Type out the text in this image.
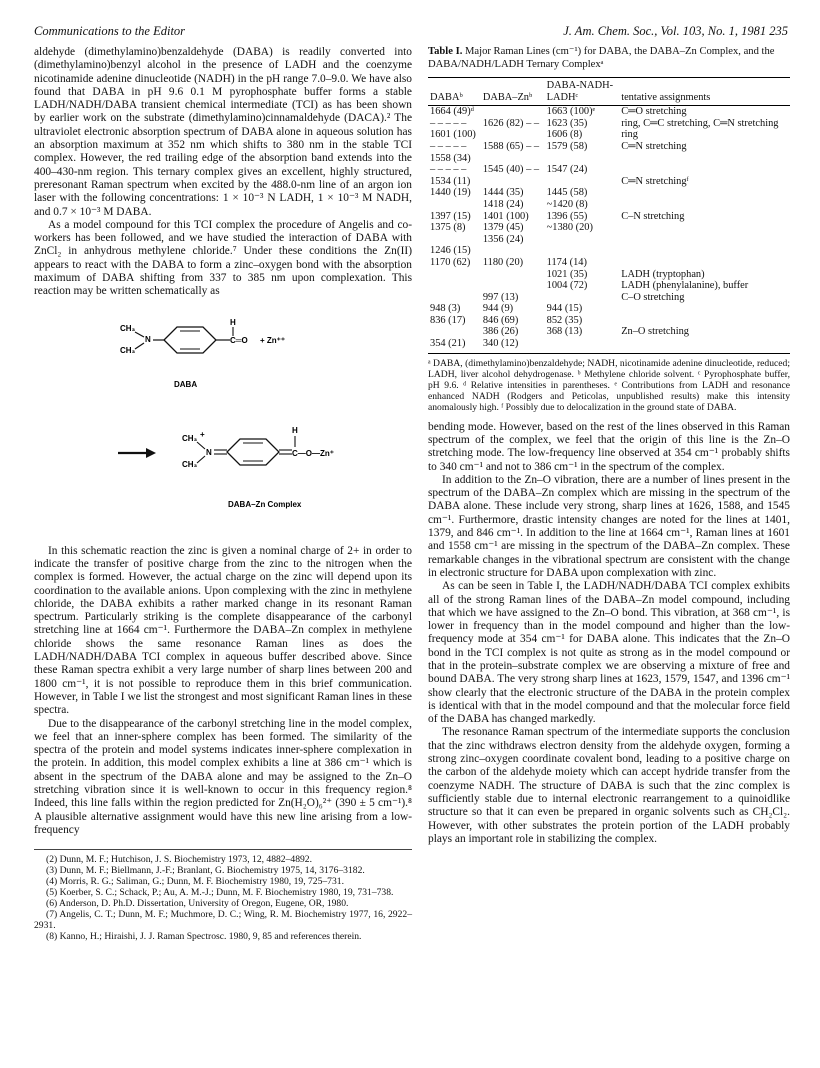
Communications to the Editor	J. Am. Chem. Soc., Vol. 103, No. 1, 1981 235

aldehyde (dimethylamino)benzaldehyde (DABA) is readily converted into (dimethylamino)benzyl alcohol in the presence of LADH and the coenzyme nicotinamide adenine dinucleotide (NADH) in the pH range 7.0–9.0. We have also found that DABA in pH 9.6 0.1 M pyrophosphate buffer forms a stable LADH/NADH/DABA transient chemical intermediate (TCI) as has been shown by earlier work on the substrate (dimethylamino)cinnamaldehyde (DACA).² The ultraviolet electronic absorption spectrum of DABA alone in aqueous solution has an absorption maximum at 352 nm which shifts to 380 nm in the stable TCI complex. However, the red trailing edge of the absorption band extends into the 400–430-nm region. This ternary complex gives an excellent, highly structured, preresonant Raman spectrum when excited by the 488.0-nm line of an argon ion laser with the following concentrations: 1 × 10⁻³ N LADH, 1 × 10⁻³ M NADH, and 0.7 × 10⁻³ M DABA.

As a model compound for this TCI complex the procedure of Angelis and co-workers has been followed, and we have studied the interaction of DABA with ZnCl₂ in anhydrous methylene chloride.⁷ Under these conditions the Zn(II) appears to react with the DABA to form a zinc–oxygen bond with the absorption maximum of DABA shifting from 337 to 385 nm upon complexation. This reaction may be written schematically as

CH₃
CH₃
N
H
C═O + Zn⁺⁺
DABA
CH₃ +
CH₃
N
H
C—O—Zn⁺
DABA–Zn Complex

In this schematic reaction the zinc is given a nominal charge of 2+ in order to indicate the transfer of positive charge from the zinc to the nitrogen when the complex is formed. However, the actual charge on the zinc will depend upon its coordination to the available anions. Upon complexing with the zinc in methylene chloride, the DABA exhibits a rather marked change in its resonant Raman spectrum. Particularly striking is the complete disappearance of the carbonyl stretching line at 1664 cm⁻¹. Furthermore the DABA–Zn complex in methylene chloride shows the same resonance Raman lines as does the LADH/NADH/DABA TCI complex in aqueous buffer described above. Since these Raman spectra exhibit a very large number of sharp lines between 200 and 1800 cm⁻¹, it is not possible to reproduce them in this brief communication. However, in Table I we list the strongest and most significant Raman lines in these spectra.

Due to the disappearance of the carbonyl stretching line in the model complex, we feel that an inner-sphere complex has been formed. The similarity of the spectra of the protein and model systems indicates inner-sphere complexation in the protein. In addition, this model complex exhibits a line at 386 cm⁻¹ which is absent in the spectrum of the DABA alone and may be assigned to the Zn–O stretching vibration since it is well-known to occur in this frequency region.⁸ Indeed, this line falls within the region predicted for Zn(H₂O)₆²⁺ (390 ± 5 cm⁻¹).⁸ A plausible alternative assignment would have this new line arising from a low-frequency

(2) Dunn, M. F.; Hutchison, J. S. Biochemistry 1973, 12, 4882–4892.
(3) Dunn, M. F.; Biellmann, J.-F.; Branlant, G. Biochemistry 1975, 14, 3176–3182.
(4) Morris, R. G.; Saliman, G.; Dunn, M. F. Biochemistry 1980, 19, 725–731.
(5) Koerber, S. C.; Schack, P.; Au, A. M.-J.; Dunn, M. F. Biochemistry 1980, 19, 731–738.
(6) Anderson, D. Ph.D. Dissertation, University of Oregon, Eugene, OR, 1980.
(7) Angelis, C. T.; Dunn, M. F.; Muchmore, D. C.; Wing, R. M. Biochemistry 1977, 16, 2922–2931.
(8) Kanno, H.; Hiraishi, J. J. Raman Spectrosc. 1980, 9, 85 and references therein.
Table I. Major Raman Lines (cm⁻¹) for DABA, the DABA–Zn Complex, and the DABA/NADH/LADH Ternary Complexᵃ
		DABA-NADH-	
DABAᵇ	DABA–Znᵇ	LADHᶜ	tentative assignments
1664 (49)ᵈ		1663 (100)ᵉ	C═O stretching
– – – – –	1626 (82) – –	1623 (35)	ring, C═C stretching, C═N stretching
1601 (100)		1606 (8)	ring
– – – – –	1588 (65) – –	1579 (58)	C═N stretching
1558 (34)			
– – – – –	1545 (40) – –	1547 (24)	
1534 (11)			C═N stretchingᶠ
1440 (19)	1444 (35)	1445 (58)	
	1418 (24)	~1420 (8)	
1397 (15)	1401 (100)	1396 (55)	C–N stretching
1375 (8)	1379 (45)	~1380 (20)	
	1356 (24)		
1246 (15)			
1170 (62)	1180 (20)	1174 (14)	
		1021 (35)	LADH (tryptophan)
		1004 (72)	LADH (phenylalanine), buffer
	997 (13)		C–O stretching
948 (3)	944 (9)	944 (15)	
836 (17)	846 (69)	852 (35)	
	386 (26)	368 (13)	Zn–O stretching
354 (21)	340 (12)		
ᵃ DABA, (dimethylamino)benzaldehyde; NADH, nicotinamide adenine dinucleotide, reduced; LADH, liver alcohol dehydrogenase. ᵇ Methylene chloride solvent. ᶜ Pyrophosphate buffer, pH 9.6. ᵈ Relative intensities in parentheses. ᵉ Contributions from LADH and resonance enhanced NADH (Rodgers and Peticolas, unpublished results) make this intensity anomalously high. ᶠ Possibly due to delocalization in the ground state of DABA.

bending mode. However, based on the rest of the lines observed in this Raman spectrum of the complex, we feel that the origin of this line is the Zn–O stretching mode. The low-frequency line observed at 354 cm⁻¹ probably shifts to 340 cm⁻¹ and not to 386 cm⁻¹ in the spectrum of the complex.

In addition to the Zn–O vibration, there are a number of lines present in the spectrum of the DABA–Zn complex which are missing in the spectrum of the DABA alone. These include very strong, sharp lines at 1626, 1588, and 1545 cm⁻¹. Furthermore, drastic intensity changes are noted for the lines at 1401, 1379, and 846 cm⁻¹. In addition to the line at 1664 cm⁻¹, Raman lines at 1601 and 1558 cm⁻¹ are missing in the spectrum of the DABA–Zn complex. These remarkable changes in the vibrational spectrum are consistent with the change in electronic structure for DABA upon complexation with zinc.

As can be seen in Table I, the LADH/NADH/DABA TCI complex exhibits all of the strong Raman lines of the DABA–Zn model compound, including that which we have assigned to the Zn–O bond. This vibration, at 368 cm⁻¹, is lower in frequency than in the model compound and higher than the low-frequency mode at 354 cm⁻¹ for DABA alone. This indicates that the Zn–O bond in the TCI complex is not quite as strong as in the model compound or that in the protein–substrate complex we are observing a mixture of free and bound DABA. The very strong sharp lines at 1623, 1579, 1547, and 1396 cm⁻¹ show clearly that the electronic structure of the DABA in the protein complex is identical with that in the model compound and that the molecular force field of the DABA has changed markedly.

The resonance Raman spectrum of the intermediate supports the conclusion that the zinc withdraws electron density from the aldehyde oxygen, forming a strong zinc–oxygen coordinate covalent bond, leading to a positive charge on the carbon of the aldehyde moiety which can accept hydride transfer from the coenzyme NADH. The structure of DABA is such that the zinc complex is sufficiently stable due to internal electronic rearrangement to a quinoidlike structure so that it can even be prepared in organic solvents such as CH₂Cl₂. However, with other substrates the protein portion of the LADH probably plays an important role in stabilizing the complex.
